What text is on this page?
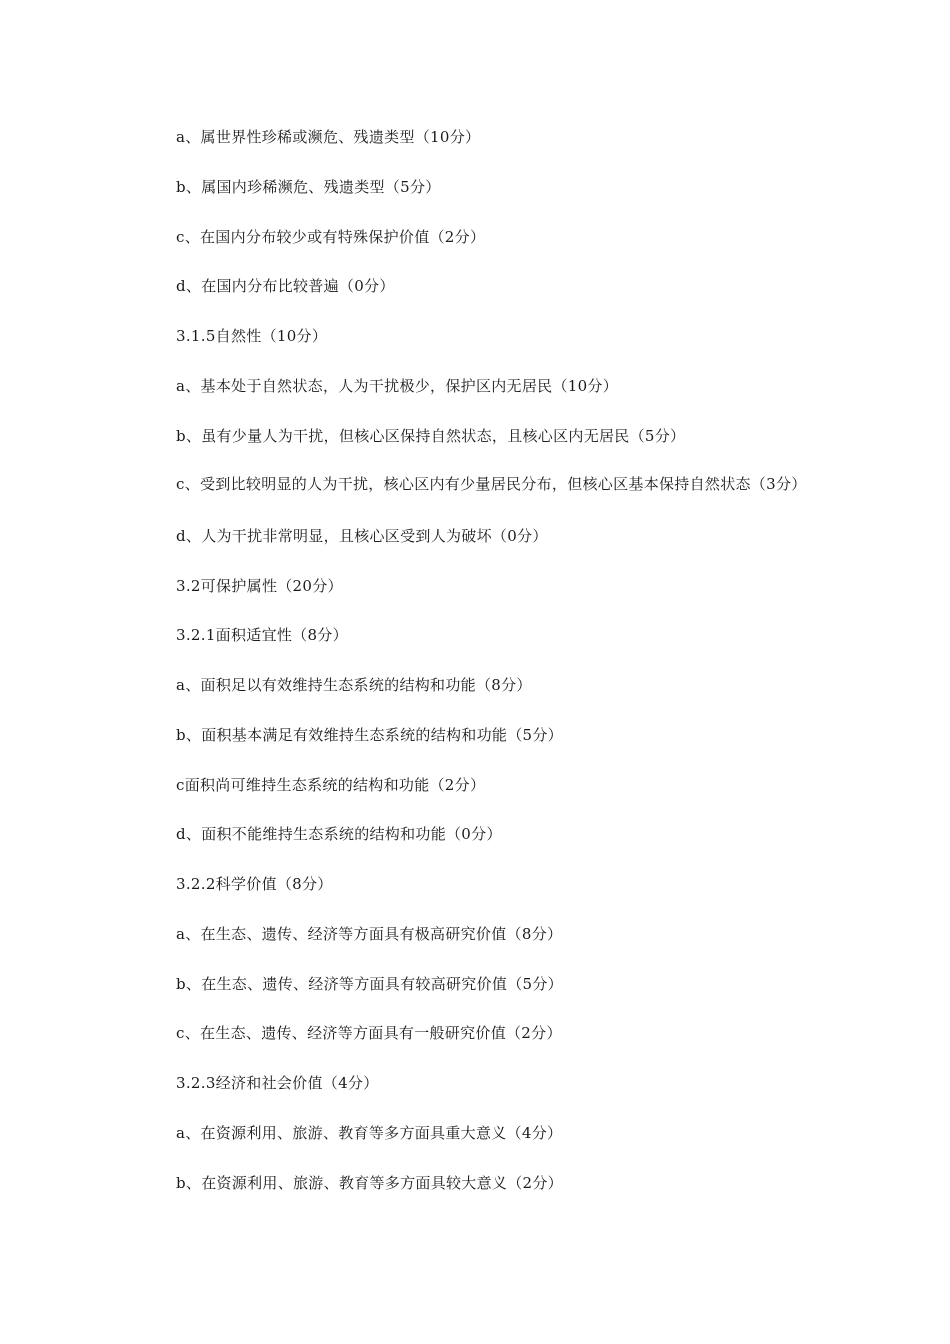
a、属世界性珍稀或濒危、残遗类型（10分）
b、属国内珍稀濒危、残遗类型（5分）
c、在国内分布较少或有特殊保护价值（2分）
d、在国内分布比较普遍（0分）
3.1.5自然性（10分）
a、基本处于自然状态，人为干扰极少，保护区内无居民（10分）
b、虽有少量人为干扰，但核心区保持自然状态，且核心区内无居民（5分）
c、受到比较明显的人为干扰，核心区内有少量居民分布，但核心区基本保持自然状态（3分）
d、人为干扰非常明显，且核心区受到人为破坏（0分）
3.2可保护属性（20分）
3.2.1面积适宜性（8分）
a、面积足以有效维持生态系统的结构和功能（8分）
b、面积基本满足有效维持生态系统的结构和功能（5分）
c面积尚可维持生态系统的结构和功能（2分）
d、面积不能维持生态系统的结构和功能（0分）
3.2.2科学价值（8分）
a、在生态、遗传、经济等方面具有极高研究价值（8分）
b、在生态、遗传、经济等方面具有较高研究价值（5分）
c、在生态、遗传、经济等方面具有一般研究价值（2分）
3.2.3经济和社会价值（4分）
a、在资源利用、旅游、教育等多方面具重大意义（4分）
b、在资源利用、旅游、教育等多方面具较大意义（2分）
